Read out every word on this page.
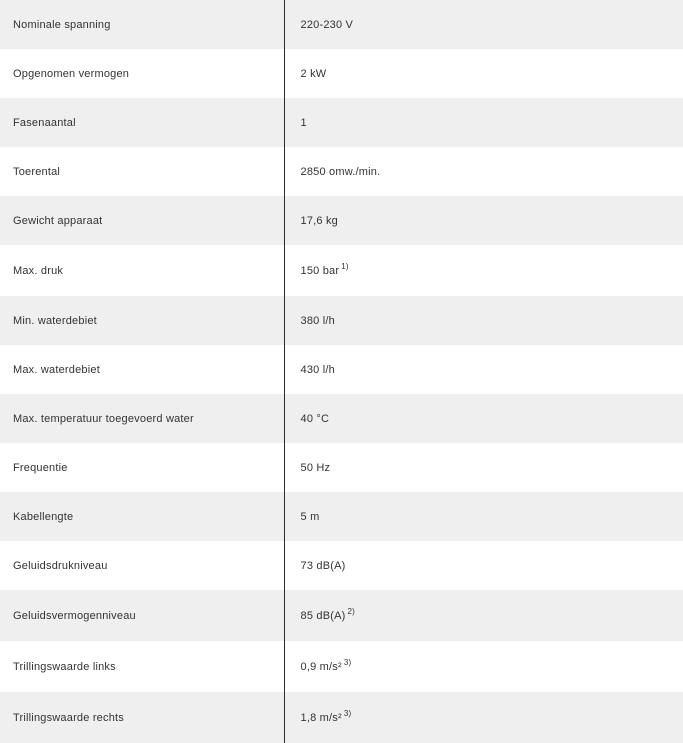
Nominale spanning	220-230 V
Opgenomen vermogen	2 kW
Fasenaantal	1
Toerental	2850 omw./min.
Gewicht apparaat	17,6 kg
Max. druk	150 bar $^{1)}$
Min. waterdebiet	380 l/h
Max. waterdebiet	430 l/h
Max. temperatuur toegevoerd water	40 °C
Frequentie	50 Hz
Kabellengte	5 m
Geluidsdrukniveau	73 dB(A)
Geluidsvermogenniveau	85 dB(A) $^{2)}$
Trillingswaarde links	0,9 m/s² $^{3)}$
Trillingswaarde rechts	1,8 m/s² $^{3)}$
